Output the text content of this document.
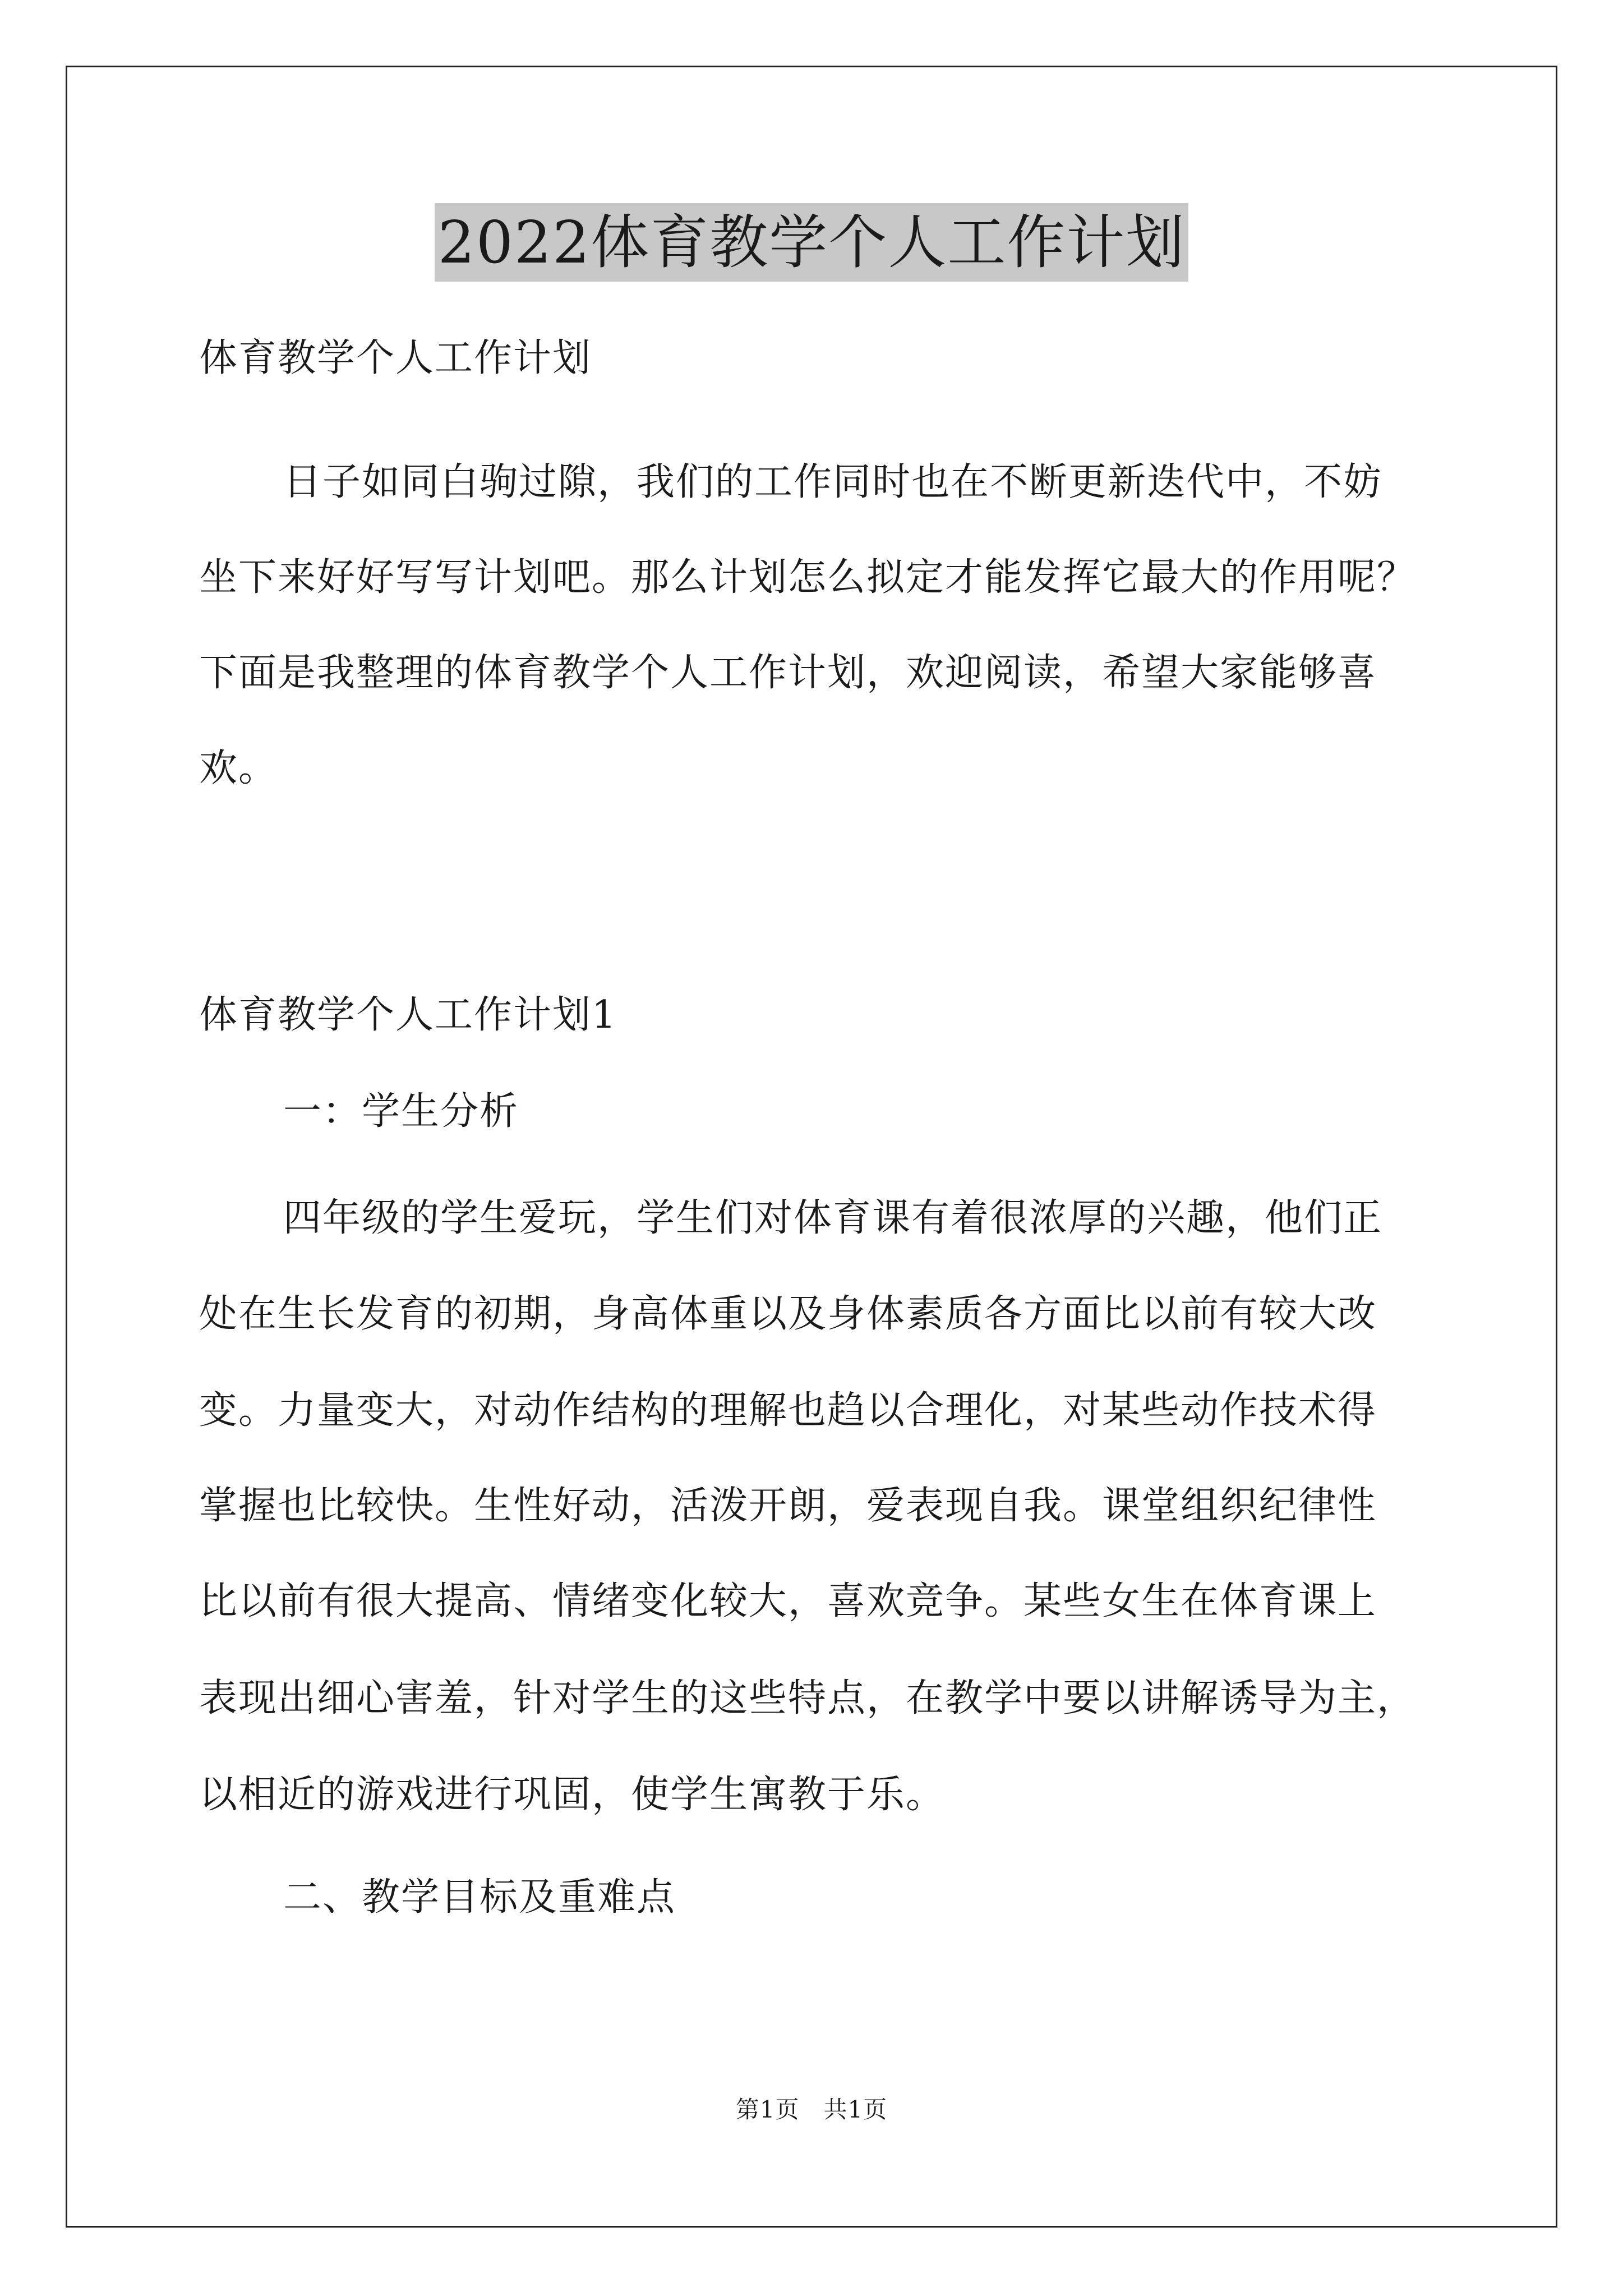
2022体育教学个人工作计划
体育教学个人工作计划
日子如同白驹过隙，我们的工作同时也在不断更新迭代中，不妨
坐下来好好写写计划吧。那么计划怎么拟定才能发挥它最大的作用呢？
下面是我整理的体育教学个人工作计划，欢迎阅读，希望大家能够喜
欢。
体育教学个人工作计划1
一：学生分析
四年级的学生爱玩，学生们对体育课有着很浓厚的兴趣，他们正
处在生长发育的初期，身高体重以及身体素质各方面比以前有较大改
变。力量变大，对动作结构的理解也趋以合理化，对某些动作技术得
掌握也比较快。生性好动，活泼开朗，爱表现自我。课堂组织纪律性
比以前有很大提高、情绪变化较大，喜欢竞争。某些女生在体育课上
表现出细心害羞，针对学生的这些特点，在教学中要以讲解诱导为主，
以相近的游戏进行巩固，使学生寓教于乐。
二、教学目标及重难点
第1页　共1页
